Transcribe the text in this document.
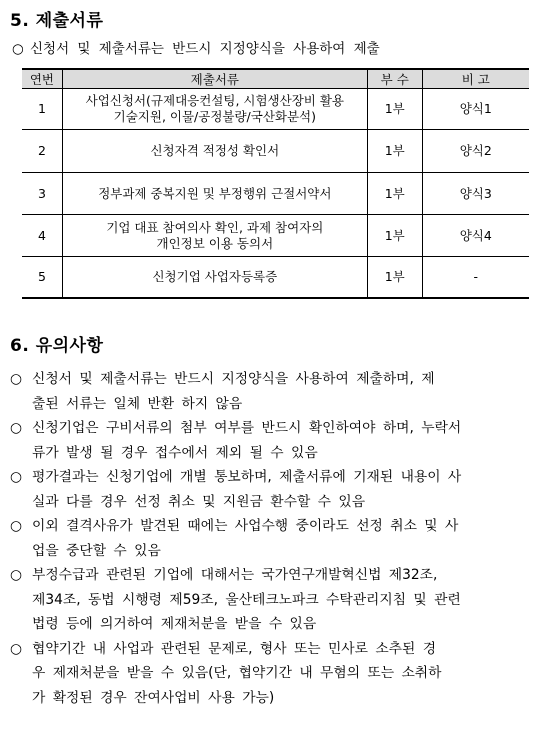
5. 제출서류
○ 신청서 및 제출서류는 반드시 지정양식을 사용하여 제출
연번	제출서류	부 수	비 고
1	사업신청서(규제대응컨설팅, 시험생산장비 활용
기술지원, 이물/공정불량/국산화분석)	1부	양식1
2	신청자격 적정성 확인서	1부	양식2
3	정부과제 중복지원 및 부정행위 근절서약서	1부	양식3
4	기업 대표 참여의사 확인, 과제 참여자의
개인정보 이용 동의서	1부	양식4
5	신청기업 사업자등록증	1부	-
6. 유의사항
○ 신청서 및 제출서류는 반드시 지정양식을 사용하여 제출하며, 제
출된 서류는 일체 반환 하지 않음
○ 신청기업은 구비서류의 첨부 여부를 반드시 확인하여야 하며, 누락서
류가 발생 될 경우 접수에서 제외 될 수 있음
○ 평가결과는 신청기업에 개별 통보하며, 제출서류에 기재된 내용이 사
실과 다를 경우 선정 취소 및 지원금 환수할 수 있음
○ 이외 결격사유가 발견된 때에는 사업수행 중이라도 선정 취소 및 사
업을 중단할 수 있음
○ 부정수급과 관련된 기업에 대해서는 국가연구개발혁신법 제32조,
제34조, 동법 시행령 제59조, 울산테크노파크 수탁관리지침 및 관련
법령 등에 의거하여 제재처분을 받을 수 있음
○ 협약기간 내 사업과 관련된 문제로, 형사 또는 민사로 소추된 경
우 제재처분을 받을 수 있음(단, 협약기간 내 무혐의 또는 소취하
가 확정된 경우 잔여사업비 사용 가능)
